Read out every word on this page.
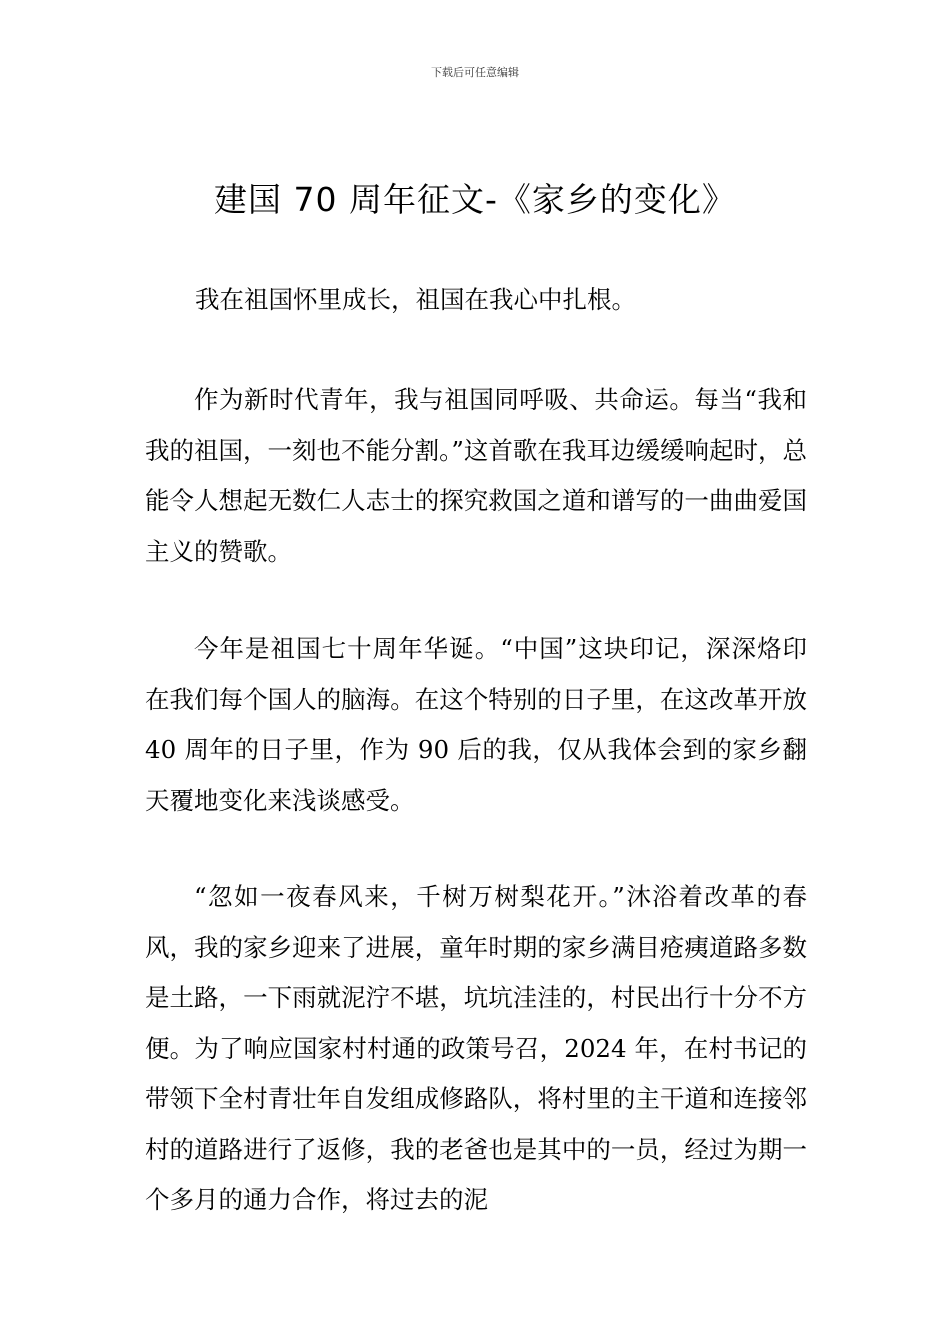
下载后可任意编辑
建国 70 周年征文-《家乡的变化》

我在祖国怀里成长，祖国在我心中扎根。

作为新时代青年，我与祖国同呼吸、共命运。每当“我和我的祖国，一刻也不能分割。”这首歌在我耳边缓缓响起时，总能令人想起无数仁人志士的探究救国之道和谱写的一曲曲爱国主义的赞歌。

今年是祖国七十周年华诞。“中国”这块印记，深深烙印在我们每个国人的脑海。在这个特别的日子里，在这改革开放 40 周年的日子里，作为 90 后的我，仅从我体会到的家乡翻天覆地变化来浅谈感受。

“忽如一夜春风来，千树万树梨花开。”沐浴着改革的春风，我的家乡迎来了进展，童年时期的家乡满目疮痍道路多数是土路，一下雨就泥泞不堪，坑坑洼洼的，村民出行十分不方便。为了响应国家村村通的政策号召，2024 年，在村书记的带领下全村青壮年自发组成修路队，将村里的主干道和连接邻村的道路进行了返修，我的老爸也是其中的一员，经过为期一个多月的通力合作，将过去的泥
